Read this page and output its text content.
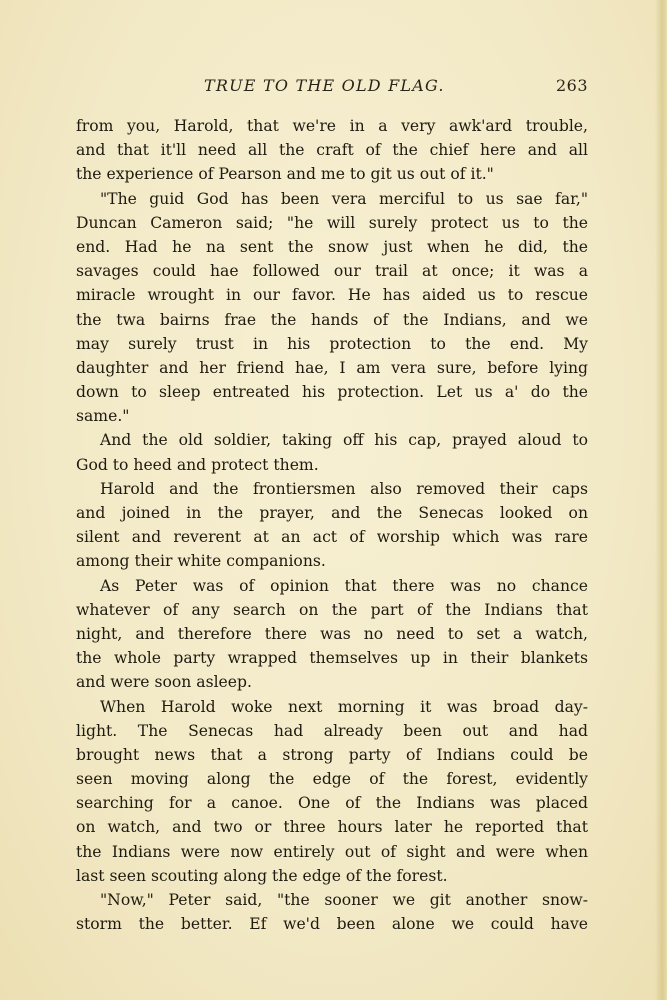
TRUE TO THE OLD FLAG.	263
from you, Harold, that we're in a very awk'ard trouble,
and that it'll need all the craft of the chief here and all
the experience of Pearson and me to git us out of it."
"The guid God has been vera merciful to us sae far,"
Duncan Cameron said; "he will surely protect us to the
end. Had he na sent the snow just when he did, the
savages could hae followed our trail at once; it was a
miracle wrought in our favor. He has aided us to rescue
the twa bairns frae the hands of the Indians, and we
may surely trust in his protection to the end. My
daughter and her friend hae, I am vera sure, before lying
down to sleep entreated his protection. Let us a' do the
same."
And the old soldier, taking off his cap, prayed aloud to
God to heed and protect them.
Harold and the frontiersmen also removed their caps
and joined in the prayer, and the Senecas looked on
silent and reverent at an act of worship which was rare
among their white companions.
As Peter was of opinion that there was no chance
whatever of any search on the part of the Indians that
night, and therefore there was no need to set a watch,
the whole party wrapped themselves up in their blankets
and were soon asleep.
When Harold woke next morning it was broad day-
light. The Senecas had already been out and had
brought news that a strong party of Indians could be
seen moving along the edge of the forest, evidently
searching for a canoe. One of the Indians was placed
on watch, and two or three hours later he reported that
the Indians were now entirely out of sight and were when
last seen scouting along the edge of the forest.
"Now," Peter said, "the sooner we git another snow-
storm the better. Ef we'd been alone we could have
